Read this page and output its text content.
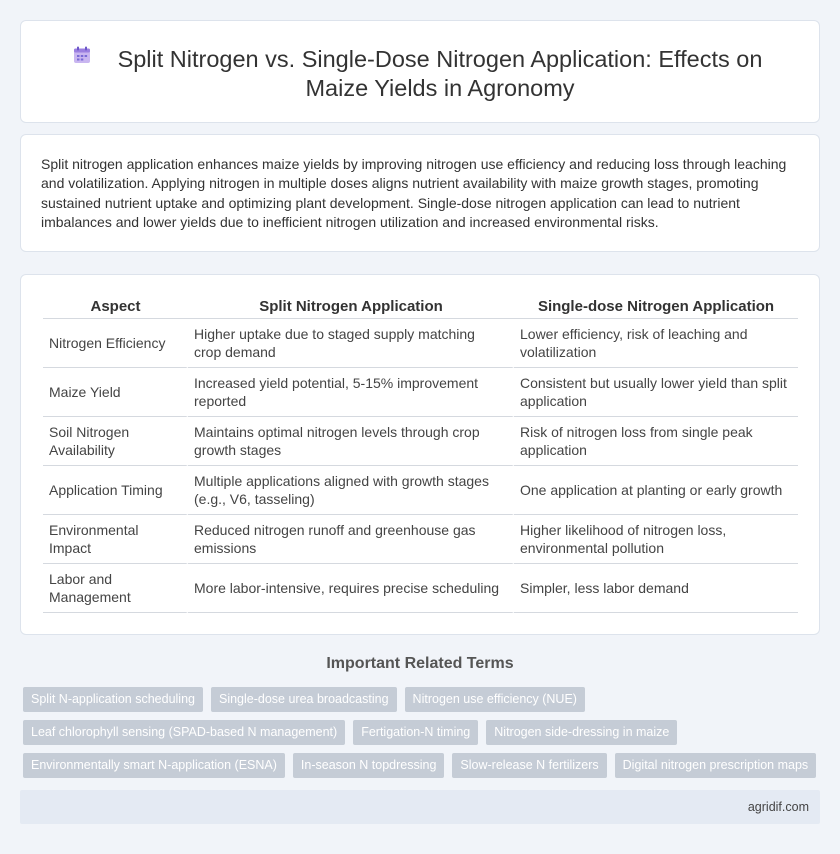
Split Nitrogen vs. Single-Dose Nitrogen Application: Effects on Maize Yields in Agronomy

Split nitrogen application enhances maize yields by improving nitrogen use efficiency and reducing loss through leaching and volatilization. Applying nitrogen in multiple doses aligns nutrient availability with maize growth stages, promoting sustained nutrient uptake and optimizing plant development. Single-dose nitrogen application can lead to nutrient imbalances and lower yields due to inefficient nitrogen utilization and increased environmental risks.

Aspect	Split Nitrogen Application	Single-dose Nitrogen Application
Nitrogen Efficiency	Higher uptake due to staged supply matching crop demand	Lower efficiency, risk of leaching and volatilization
Maize Yield	Increased yield potential, 5-15% improvement reported	Consistent but usually lower yield than split application
Soil Nitrogen Availability	Maintains optimal nitrogen levels through crop growth stages	Risk of nitrogen loss from single peak application
Application Timing	Multiple applications aligned with growth stages (e.g., V6, tasseling)	One application at planting or early growth
Environmental Impact	Reduced nitrogen runoff and greenhouse gas emissions	Higher likelihood of nitrogen loss, environmental pollution
Labor and Management	More labor-intensive, requires precise scheduling	Simpler, less labor demand
Important Related Terms
Split N-application scheduling	Single-dose urea broadcasting	Nitrogen use efficiency (NUE)
Leaf chlorophyll sensing (SPAD-based N management)	Fertigation-N timing	Nitrogen side-dressing in maize
Environmentally smart N-application (ESNA)	In-season N topdressing	Slow-release N fertilizers	Digital nitrogen prescription maps
agridif.com
